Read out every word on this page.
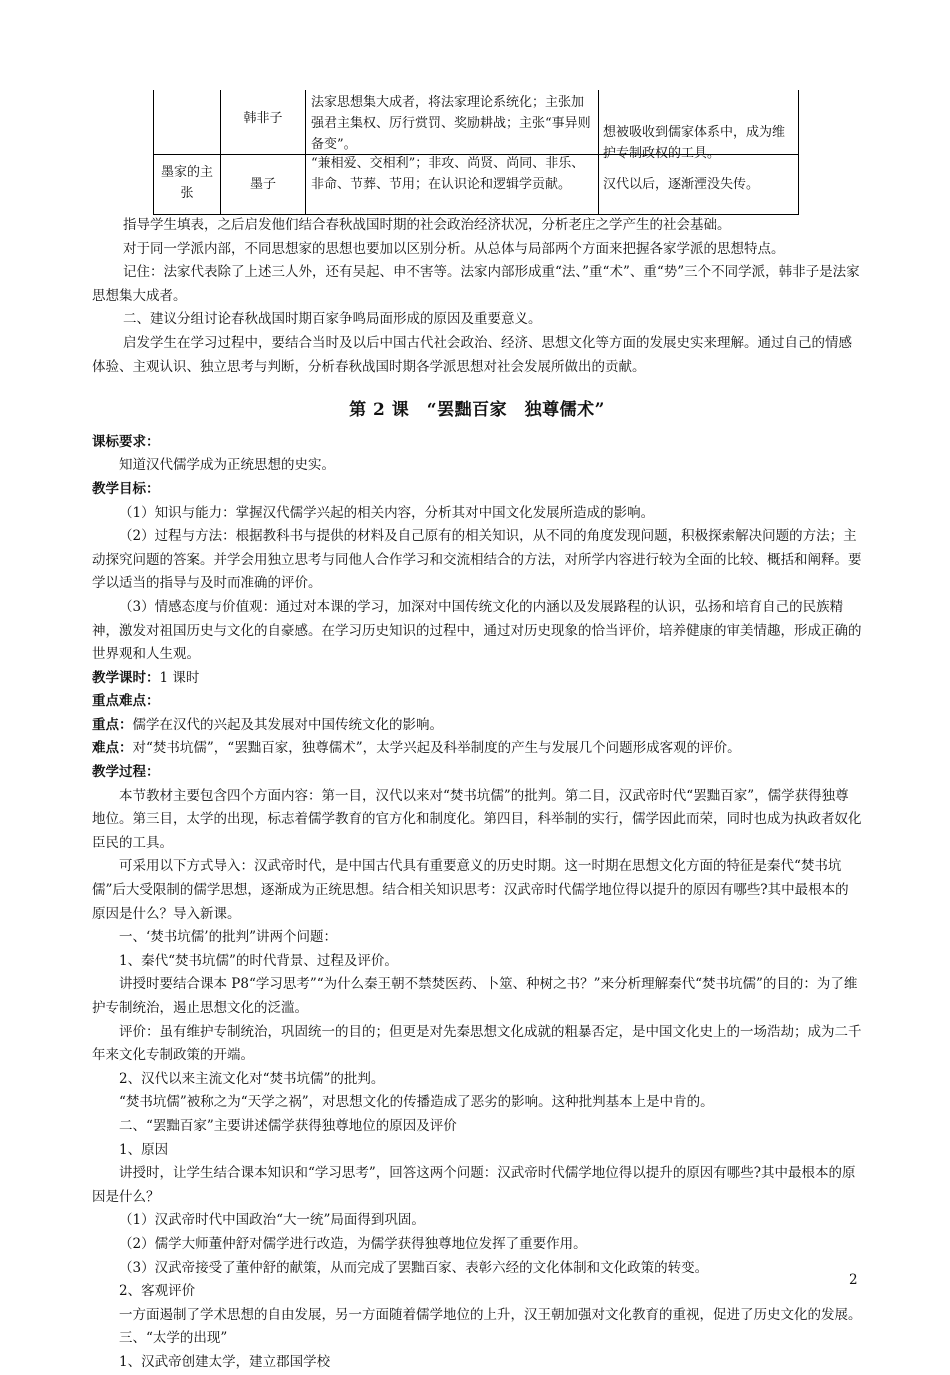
韩非子
法家思想集大成者，将法家理论系统化；主张加强君主集权、厉行赏罚、奖励耕战；主张“事异则备变”。
想被吸收到儒家体系中，成为维护专制政权的工具。
墨家的主张
墨子
“兼相爱、交相利”；非攻、尚贤、尚同、非乐、非命、节葬、节用；在认识论和逻辑学贡献。	汉代以后，逐渐湮没失传。

指导学生填表，之后启发他们结合春秋战国时期的社会政治经济状况，分析老庄之学产生的社会基础。

对于同一学派内部，不同思想家的思想也要加以区别分析。从总体与局部两个方面来把握各家学派的思想特点。

记住：法家代表除了上述三人外，还有吴起、申不害等。法家内部形成重“法、”重“术”、重“势”三个不同学派，韩非子是法家思想集大成者。

二、建议分组讨论春秋战国时期百家争鸣局面形成的原因及重要意义。

启发学生在学习过程中，要结合当时及以后中国古代社会政治、经济、思想文化等方面的发展史实来理解。通过自己的情感体验、主观认识、独立思考与判断，分析春秋战国时期各学派思想对社会发展所做出的贡献。

第 2 课　“罢黜百家　独尊儒术”

课标要求：

知道汉代儒学成为正统思想的史实。

教学目标：

（1）知识与能力：掌握汉代儒学兴起的相关内容，分析其对中国文化发展所造成的影响。

（2）过程与方法：根据教科书与提供的材料及自己原有的相关知识，从不同的角度发现问题，积极探索解决问题的方法；主动探究问题的答案。并学会用独立思考与同他人合作学习和交流相结合的方法，对所学内容进行较为全面的比较、概括和阐释。要学以适当的指导与及时而准确的评价。

（3）情感态度与价值观：通过对本课的学习，加深对中国传统文化的内涵以及发展路程的认识，弘扬和培育自己的民族精神，激发对祖国历史与文化的自豪感。在学习历史知识的过程中，通过对历史现象的恰当评价，培养健康的审美情趣，形成正确的世界观和人生观。

教学课时：1 课时

重点难点：

重点：儒学在汉代的兴起及其发展对中国传统文化的影响。

难点：对“焚书坑儒”，“罢黜百家，独尊儒术”，太学兴起及科举制度的产生与发展几个问题形成客观的评价。

教学过程：

本节教材主要包含四个方面内容：第一目，汉代以来对“焚书坑儒”的批判。第二目，汉武帝时代“罢黜百家”，儒学获得独尊地位。第三目，太学的出现，标志着儒学教育的官方化和制度化。第四目，科举制的实行，儒学因此而荣，同时也成为执政者奴化臣民的工具。

可采用以下方式导入：汉武帝时代，是中国古代具有重要意义的历史时期。这一时期在思想文化方面的特征是秦代“焚书坑儒”后大受限制的儒学思想，逐渐成为正统思想。结合相关知识思考：汉武帝时代儒学地位得以提升的原因有哪些?其中最根本的原因是什么？导入新课。

一、‘焚书坑儒’的批判”讲两个问题：

1、秦代“焚书坑儒”的时代背景、过程及评价。

讲授时要结合课本 P8“学习思考”“为什么秦王朝不禁焚医药、卜筮、种树之书？”来分析理解秦代“焚书坑儒”的目的：为了维护专制统治，遏止思想文化的泛滥。

评价：虽有维护专制统治，巩固统一的目的；但更是对先秦思想文化成就的粗暴否定，是中国文化史上的一场浩劫；成为二千年来文化专制政策的开端。

2、汉代以来主流文化对“焚书坑儒”的批判。

“焚书坑儒”被称之为“天学之祸”，对思想文化的传播造成了恶劣的影响。这种批判基本上是中肯的。

二、“罢黜百家”主要讲述儒学获得独尊地位的原因及评价

1、原因

讲授时，让学生结合课本知识和“学习思考”，回答这两个问题：汉武帝时代儒学地位得以提升的原因有哪些?其中最根本的原因是什么？

（1）汉武帝时代中国政治“大一统”局面得到巩固。

（2）儒学大师董仲舒对儒学进行改造，为儒学获得独尊地位发挥了重要作用。

（3）汉武帝接受了董仲舒的献策，从而完成了罢黜百家、表彰六经的文化体制和文化政策的转变。

2、客观评价

一方面遏制了学术思想的自由发展，另一方面随着儒学地位的上升，汉王朝加强对文化教育的重视，促进了历史文化的发展。

三、“太学的出现”

1、汉武帝创建太学，建立郡国学校

2
